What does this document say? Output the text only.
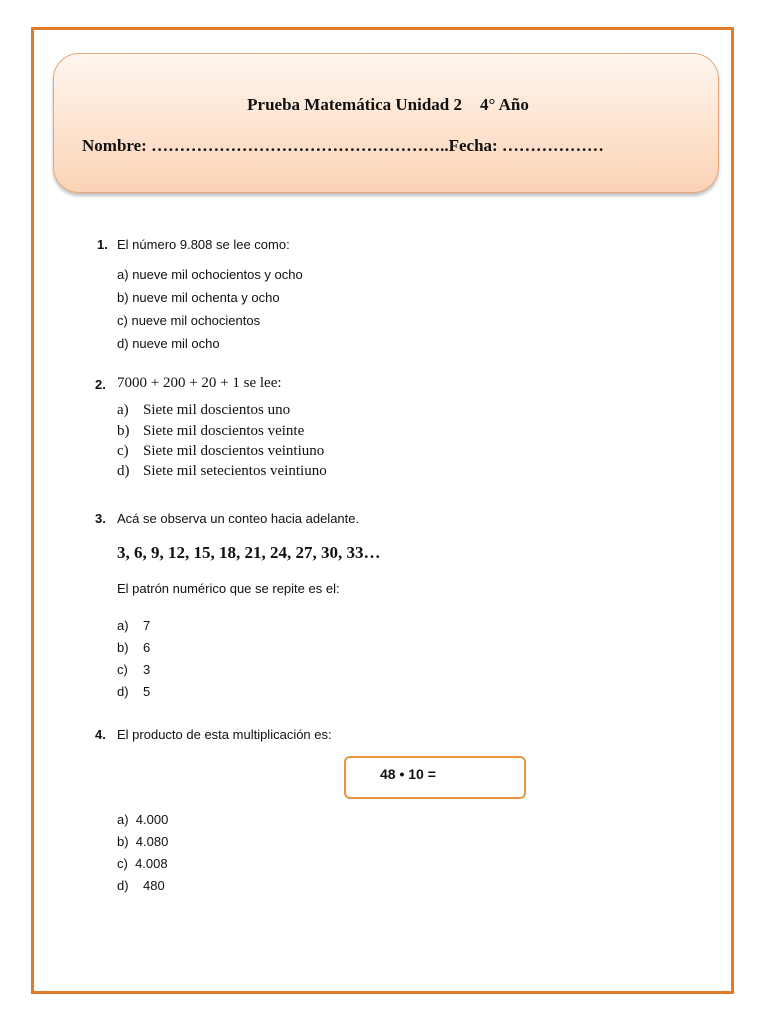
Prueba Matemática Unidad 2 4° Año
Nombre: ……………………………………………..Fecha: ………………
1. El número 9.808 se lee como:
a) nueve mil ochocientos y ocho
b) nueve mil ochenta y ocho
c) nueve mil ochocientos
d) nueve mil ocho
2. 7000 + 200 + 20 + 1 se lee:
a) Siete mil doscientos uno
b) Siete mil doscientos veinte
c) Siete mil doscientos veintiuno
d) Siete mil setecientos veintiuno
3. Acá se observa un conteo hacia adelante.
3, 6, 9, 12, 15, 18, 21, 24, 27, 30, 33…
El patrón numérico que se repite es el:
a) 7
b) 6
c) 3
d) 5
4. El producto de esta multiplicación es:
48 • 10 =
a) 4.000
b) 4.080
c) 4.008
d) 480
